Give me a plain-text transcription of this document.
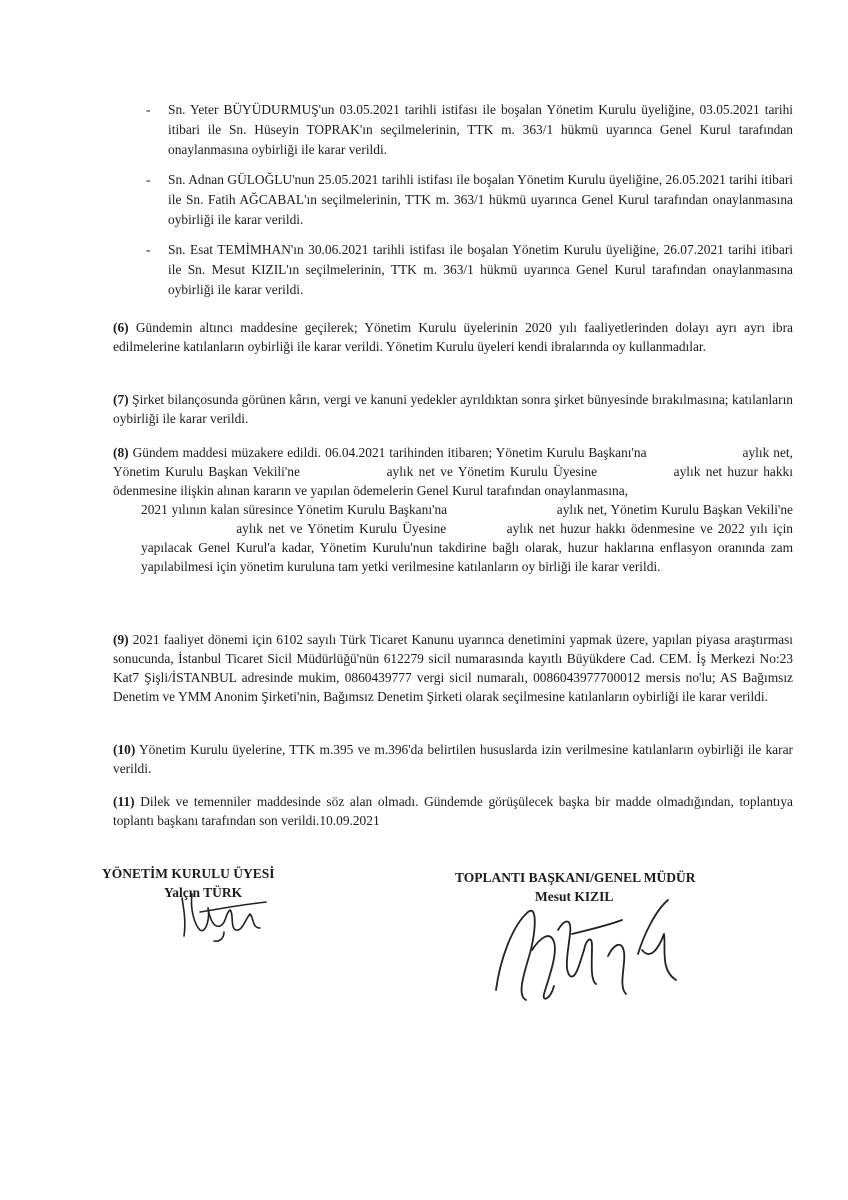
- Sn. Yeter BÜYÜDURMUŞ'un 03.05.2021 tarihli istifası ile boşalan Yönetim Kurulu üyeliğine, 03.05.2021 tarihi itibari ile Sn. Hüseyin TOPRAK'ın seçilmelerinin, TTK m. 363/1 hükmü uyarınca Genel Kurul tarafından onaylanmasına oybirliği ile karar verildi.
- Sn. Adnan GÜLOĞLU'nun 25.05.2021 tarihli istifası ile boşalan Yönetim Kurulu üyeliğine, 26.05.2021 tarihi itibari ile Sn. Fatih AĞCABAL'ın seçilmelerinin, TTK m. 363/1 hükmü uyarınca Genel Kurul tarafından onaylanmasına oybirliği ile karar verildi.
- Sn. Esat TEMİMHAN'ın 30.06.2021 tarihli istifası ile boşalan Yönetim Kurulu üyeliğine, 26.07.2021 tarihi itibari ile Sn. Mesut KIZIL'ın seçilmelerinin, TTK m. 363/1 hükmü uyarınca Genel Kurul tarafından onaylanmasına oybirliği ile karar verildi.
(6) Gündemin altıncı maddesine geçilerek; Yönetim Kurulu üyelerinin 2020 yılı faaliyetlerinden dolayı ayrı ayrı ibra edilmelerine katılanların oybirliği ile karar verildi. Yönetim Kurulu üyeleri kendi ibralarında oy kullanmadılar.
(7) Şirket bilançosunda görünen kârın, vergi ve kanuni yedekler ayrıldıktan sonra şirket bünyesinde bırakılmasına; katılanların oybirliği ile karar verildi.

(8) Gündem maddesi müzakere edildi. 06.04.2021 tarihinden itibaren; Yönetim Kurulu Başkanı'na	aylık net, Yönetim Kurulu Başkan Vekili'ne	aylık net ve Yönetim Kurulu Üyesine	aylık net huzur hakkı ödenmesine ilişkin alınan kararın ve yapılan ödemelerin Genel Kurul tarafından onaylanmasına,

2021 yılının kalan süresince Yönetim Kurulu Başkanı'na	aylık net, Yönetim Kurulu Başkan Vekili'ne  aylık net ve Yönetim Kurulu Üyesine	aylık net huzur hakkı ödenmesine ve 2022 yılı için yapılacak Genel Kurul'a kadar, Yönetim Kurulu'nun takdirine bağlı olarak, huzur haklarına enflasyon oranında zam yapılabilmesi için yönetim kuruluna tam yetki verilmesine katılanların oy birliği ile karar verildi.

(9) 2021 faaliyet dönemi için 6102 sayılı Türk Ticaret Kanunu uyarınca denetimini yapmak üzere, yapılan piyasa araştırması sonucunda, İstanbul Ticaret Sicil Müdürlüğü'nün 612279 sicil numarasında kayıtlı Büyükdere Cad. CEM. İş Merkezi No:23 Kat7 Şişli/İSTANBUL adresinde mukim, 0860439777 vergi sicil numaralı, 0086043977700012 mersis no'lu; AS Bağımsız Denetim ve YMM Anonim Şirketi'nin, Bağımsız Denetim Şirketi olarak seçilmesine katılanların oybirliği ile karar verildi.
(10) Yönetim Kurulu üyelerine, TTK m.395 ve m.396'da belirtilen hususlarda izin verilmesine katılanların oybirliği ile karar verildi.
(11) Dilek ve temenniler maddesinde söz alan olmadı. Gündemde görüşülecek başka bir madde olmadığından, toplantıya toplantı başkanı tarafından son verildi.10.09.2021
YÖNETİM KURULU ÜYESİ
Yalçın TÜRK
TOPLANTI BAŞKANI/GENEL MÜDÜR
Mesut KIZIL
